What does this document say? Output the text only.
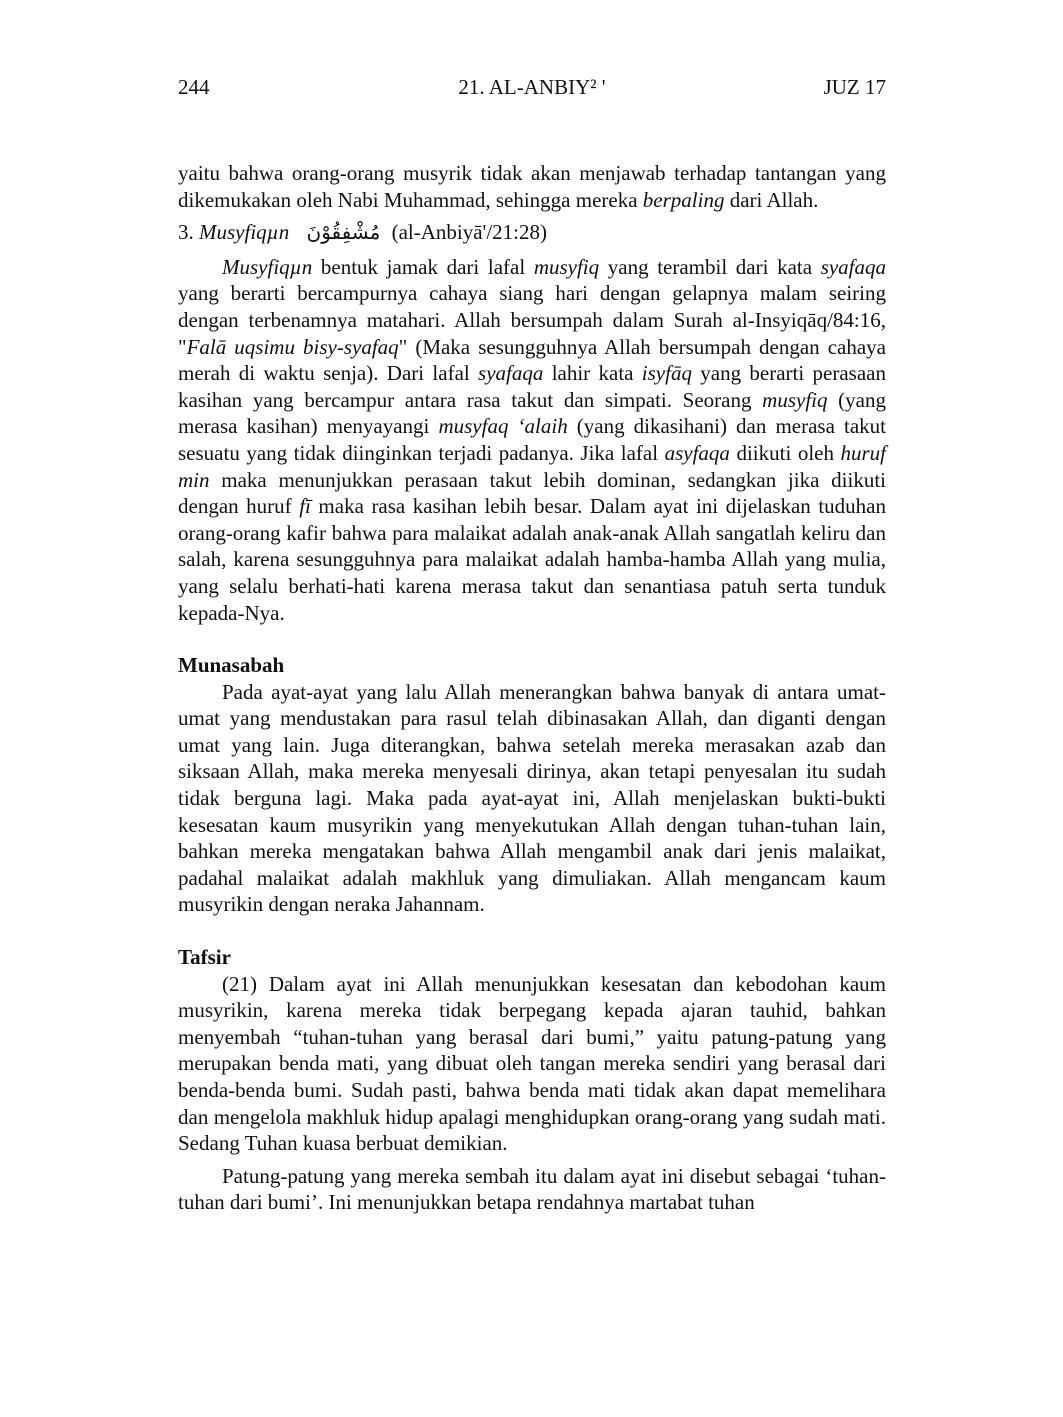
244	21. AL-ANBIY² '	JUZ 17

yaitu bahwa orang-orang musyrik tidak akan menjawab terhadap tantangan yang dikemukakan oleh Nabi Muhammad, sehingga mereka berpaling dari Allah.

3. Musyfiqµn مُشْفِقُوْنَ (al-Anbiyā'/21:28)

Musyfiqµn bentuk jamak dari lafal musyfiq yang terambil dari kata syafaqa yang berarti bercampurnya cahaya siang hari dengan gelapnya malam seiring dengan terbenamnya matahari. Allah bersumpah dalam Surah al-Insyiqāq/84:16, "Falā uqsimu bisy-syafaq" (Maka sesungguhnya Allah bersumpah dengan cahaya merah di waktu senja). Dari lafal syafaqa lahir kata isyfāq yang berarti perasaan kasihan yang bercampur antara rasa takut dan simpati. Seorang musyfiq (yang merasa kasihan) menyayangi musyfaq ‘alaih (yang dikasihani) dan merasa takut sesuatu yang tidak diinginkan terjadi padanya. Jika lafal asyfaqa diikuti oleh huruf min maka menunjukkan perasaan takut lebih dominan, sedangkan jika diikuti dengan huruf fī maka rasa kasihan lebih besar. Dalam ayat ini dijelaskan tuduhan orang-orang kafir bahwa para malaikat adalah anak-anak Allah sangatlah keliru dan salah, karena sesungguhnya para malaikat adalah hamba-hamba Allah yang mulia, yang selalu berhati-hati karena merasa takut dan senantiasa patuh serta tunduk kepada-Nya.

Munasabah

Pada ayat-ayat yang lalu Allah menerangkan bahwa banyak di antara umat-umat yang mendustakan para rasul telah dibinasakan Allah, dan diganti dengan umat yang lain. Juga diterangkan, bahwa setelah mereka merasakan azab dan siksaan Allah, maka mereka menyesali dirinya, akan tetapi penyesalan itu sudah tidak berguna lagi. Maka pada ayat-ayat ini, Allah menjelaskan bukti-bukti kesesatan kaum musyrikin yang menyekutukan Allah dengan tuhan-tuhan lain, bahkan mereka mengatakan bahwa Allah mengambil anak dari jenis malaikat, padahal malaikat adalah makhluk yang dimuliakan. Allah mengancam kaum musyrikin dengan neraka Jahannam.

Tafsir

(21) Dalam ayat ini Allah menunjukkan kesesatan dan kebodohan kaum musyrikin, karena mereka tidak berpegang kepada ajaran tauhid, bahkan menyembah “tuhan-tuhan yang berasal dari bumi,” yaitu patung-patung yang merupakan benda mati, yang dibuat oleh tangan mereka sendiri yang berasal dari benda-benda bumi. Sudah pasti, bahwa benda mati tidak akan dapat memelihara dan mengelola makhluk hidup apalagi menghidupkan orang-orang yang sudah mati. Sedang Tuhan kuasa berbuat demikian.

Patung-patung yang mereka sembah itu dalam ayat ini disebut sebagai ‘tuhan-tuhan dari bumi’. Ini menunjukkan betapa rendahnya martabat tuhan
